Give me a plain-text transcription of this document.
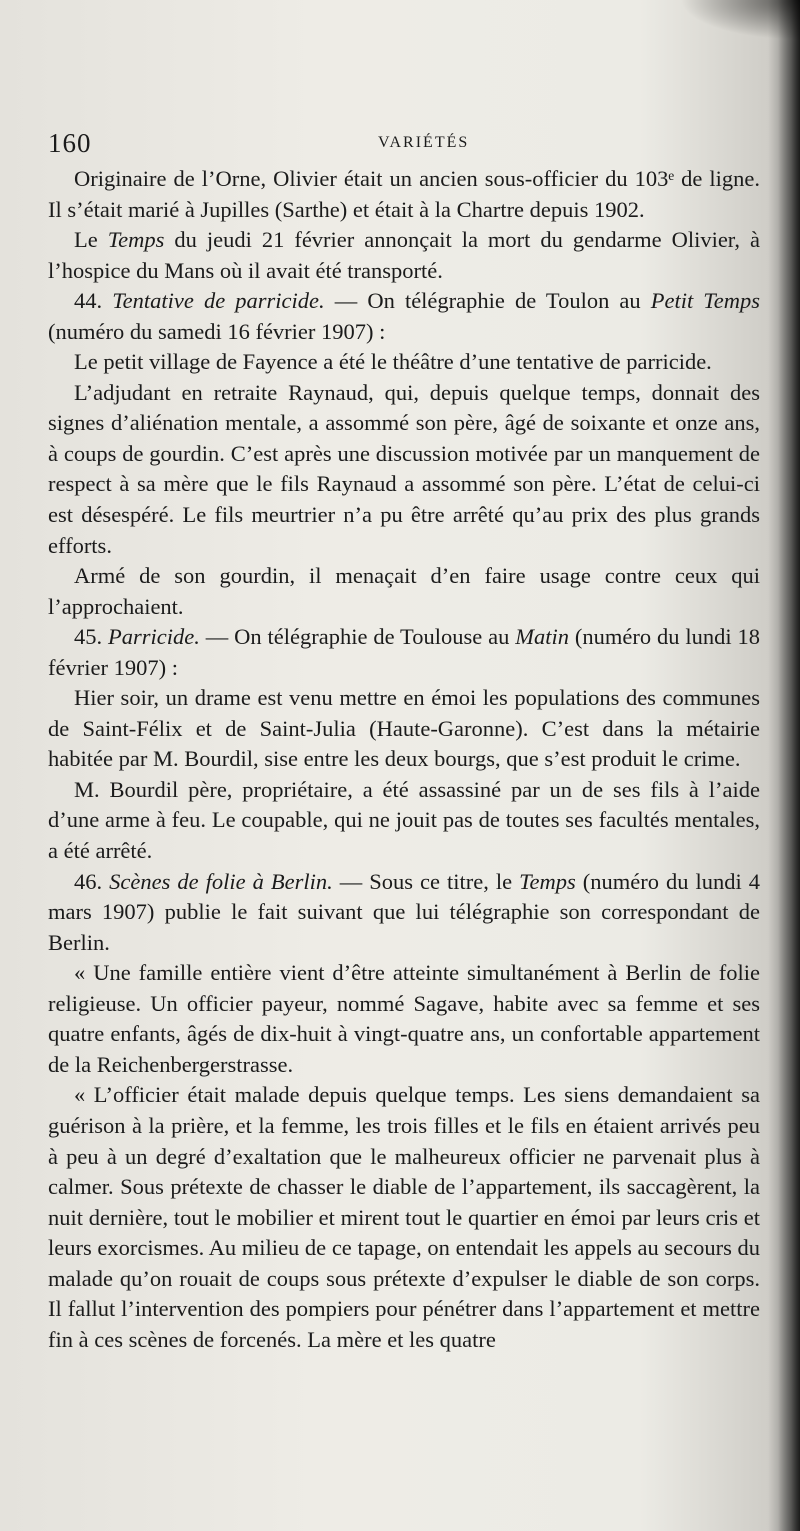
160	VARIÉTÉS

Originaire de l’Orne, Olivier était un ancien sous-officier du 103ᵉ de ligne. Il s’était marié à Jupilles (Sarthe) et était à la Chartre depuis 1902.

Le Temps du jeudi 21 février annonçait la mort du gendarme Olivier, à l’hospice du Mans où il avait été transporté.

44. Tentative de parricide. — On télégraphie de Toulon au Petit Temps (numéro du samedi 16 février 1907) :

Le petit village de Fayence a été le théâtre d’une tentative de parricide.

L’adjudant en retraite Raynaud, qui, depuis quelque temps, donnait des signes d’aliénation mentale, a assommé son père, âgé de soixante et onze ans, à coups de gourdin. C’est après une discussion motivée par un manquement de respect à sa mère que le fils Raynaud a assommé son père. L’état de celui-ci est désespéré. Le fils meurtrier n’a pu être arrêté qu’au prix des plus grands efforts.

Armé de son gourdin, il menaçait d’en faire usage contre ceux qui l’approchaient.

45. Parricide. — On télégraphie de Toulouse au Matin (numéro du lundi 18 février 1907) :

Hier soir, un drame est venu mettre en émoi les populations des communes de Saint-Félix et de Saint-Julia (Haute-Garonne). C’est dans la métairie habitée par M. Bourdil, sise entre les deux bourgs, que s’est produit le crime.

M. Bourdil père, propriétaire, a été assassiné par un de ses fils à l’aide d’une arme à feu. Le coupable, qui ne jouit pas de toutes ses facultés mentales, a été arrêté.

46. Scènes de folie à Berlin. — Sous ce titre, le Temps (numéro du lundi 4 mars 1907) publie le fait suivant que lui télégraphie son correspondant de Berlin.

« Une famille entière vient d’être atteinte simultanément à Berlin de folie religieuse. Un officier payeur, nommé Sagave, habite avec sa femme et ses quatre enfants, âgés de dix-huit à vingt-quatre ans, un confortable appartement de la Reichenbergerstrasse.

« L’officier était malade depuis quelque temps. Les siens demandaient sa guérison à la prière, et la femme, les trois filles et le fils en étaient arrivés peu à peu à un degré d’exaltation que le malheureux officier ne parvenait plus à calmer. Sous prétexte de chasser le diable de l’appartement, ils saccagèrent, la nuit dernière, tout le mobilier et mirent tout le quartier en émoi par leurs cris et leurs exorcismes. Au milieu de ce tapage, on entendait les appels au secours du malade qu’on rouait de coups sous prétexte d’expulser le diable de son corps. Il fallut l’intervention des pompiers pour pénétrer dans l’appartement et mettre fin à ces scènes de forcenés. La mère et les quatre
